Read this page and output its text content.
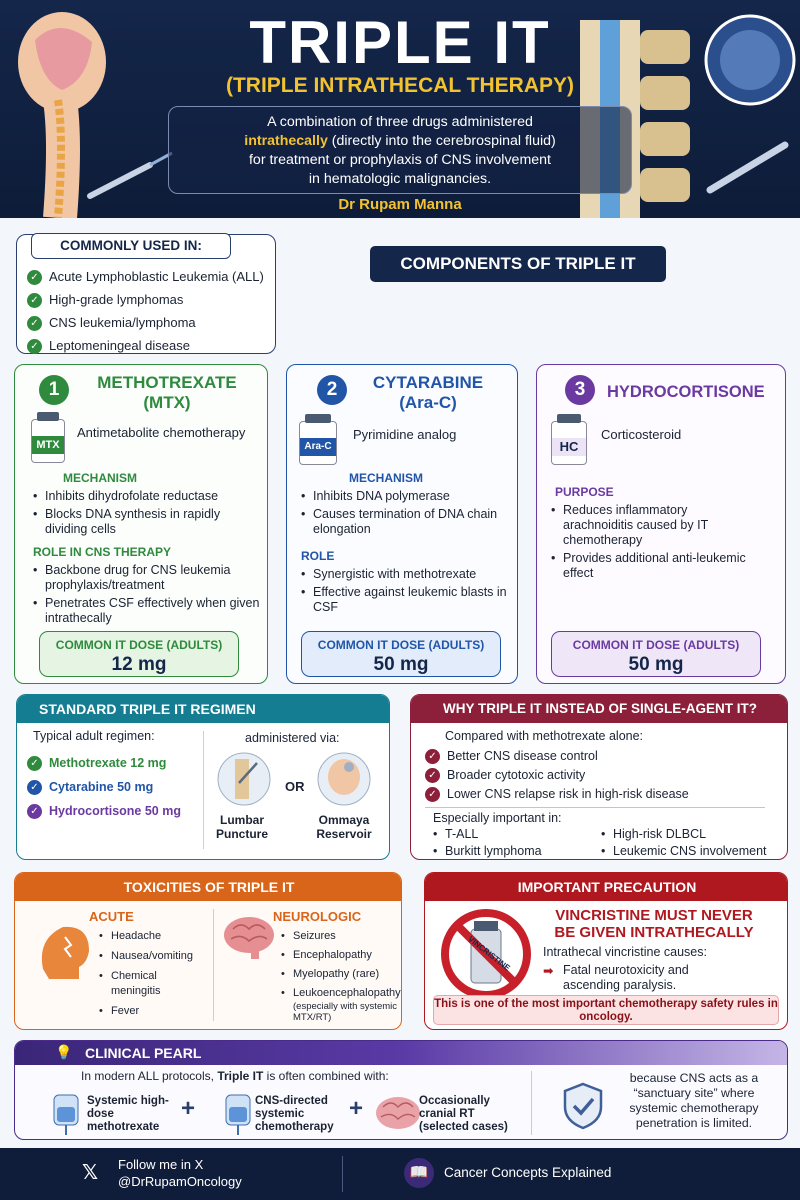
TRIPLE IT
(TRIPLE INTRATHECAL THERAPY)
A combination of three drugs administered
intrathecally (directly into the cerebrospinal fluid)
for treatment or prophylaxis of CNS involvement
in hematologic malignancies.
Dr Rupam Manna
COMMONLY USED IN:
✓ Acute Lymphoblastic Leukemia (ALL)
✓ High-grade lymphomas
✓ CNS leukemia/lymphoma
✓ Leptomeningeal disease
COMPONENTS OF TRIPLE IT
1	METHOTREXATE
(MTX)
MTX
Antimetabolite chemotherapy
MECHANISM
• Inhibits dihydrofolate reductase
• Blocks DNA synthesis in rapidly dividing cells
ROLE IN CNS THERAPY
• Backbone drug for CNS leukemia prophylaxis/treatment
• Penetrates CSF effectively when given intrathecally
COMMON IT DOSE (ADULTS)
12 mg
2	CYTARABINE
(Ara-C)
Ara-C
Pyrimidine analog
MECHANISM
• Inhibits DNA polymerase
• Causes termination of DNA chain elongation
ROLE
• Synergistic with methotrexate
• Effective against leukemic blasts in CSF
COMMON IT DOSE (ADULTS)
50 mg
3	HYDROCORTISONE
HC
Corticosteroid
PURPOSE
• Reduces inflammatory arachnoiditis caused by IT chemotherapy
• Provides additional anti-leukemic effect
COMMON IT DOSE (ADULTS)
50 mg
STANDARD TRIPLE IT REGIMEN
Typical adult regimen:
✓ Methotrexate 12 mg
✓ Cytarabine 50 mg
✓ Hydrocortisone 50 mg
administered via:
OR
Lumbar Puncture
Ommaya Reservoir
WHY TRIPLE IT INSTEAD OF SINGLE-AGENT IT?
Compared with methotrexate alone:
✓ Better CNS disease control
✓ Broader cytotoxic activity
✓ Lower CNS relapse risk in high-risk disease
Especially important in:
• T-ALL
• Burkitt lymphoma
• High-risk DLBCL
• Leukemic CNS involvement
TOXICITIES OF TRIPLE IT
ACUTE
• Headache
• Nausea/vomiting
• Chemical meningitis
• Fever
NEUROLOGIC
• Seizures
• Encephalopathy
• Myelopathy (rare)
• Leukoencephalopathy
(especially with systemic MTX/RT)
IMPORTANT PRECAUTION
VINCRISTINE
VINCRISTINE MUST NEVER
BE GIVEN INTRATHECALLY
Intrathecal vincristine causes:
➡ Fatal neurotoxicity and ascending paralysis.
This is one of the most important chemotherapy safety rules in oncology.
💡 CLINICAL PEARL
In modern ALL protocols, Triple IT is often combined with:
Systemic high-dose methotrexate
+	CNS-directed systemic chemotherapy
+	Occasionally cranial RT (selected cases)
because CNS acts as a “sanctuary site” where systemic chemotherapy penetration is limited.
𝕏 Follow me in X
@DrRupamOncology
📖	Cancer Concepts Explained
